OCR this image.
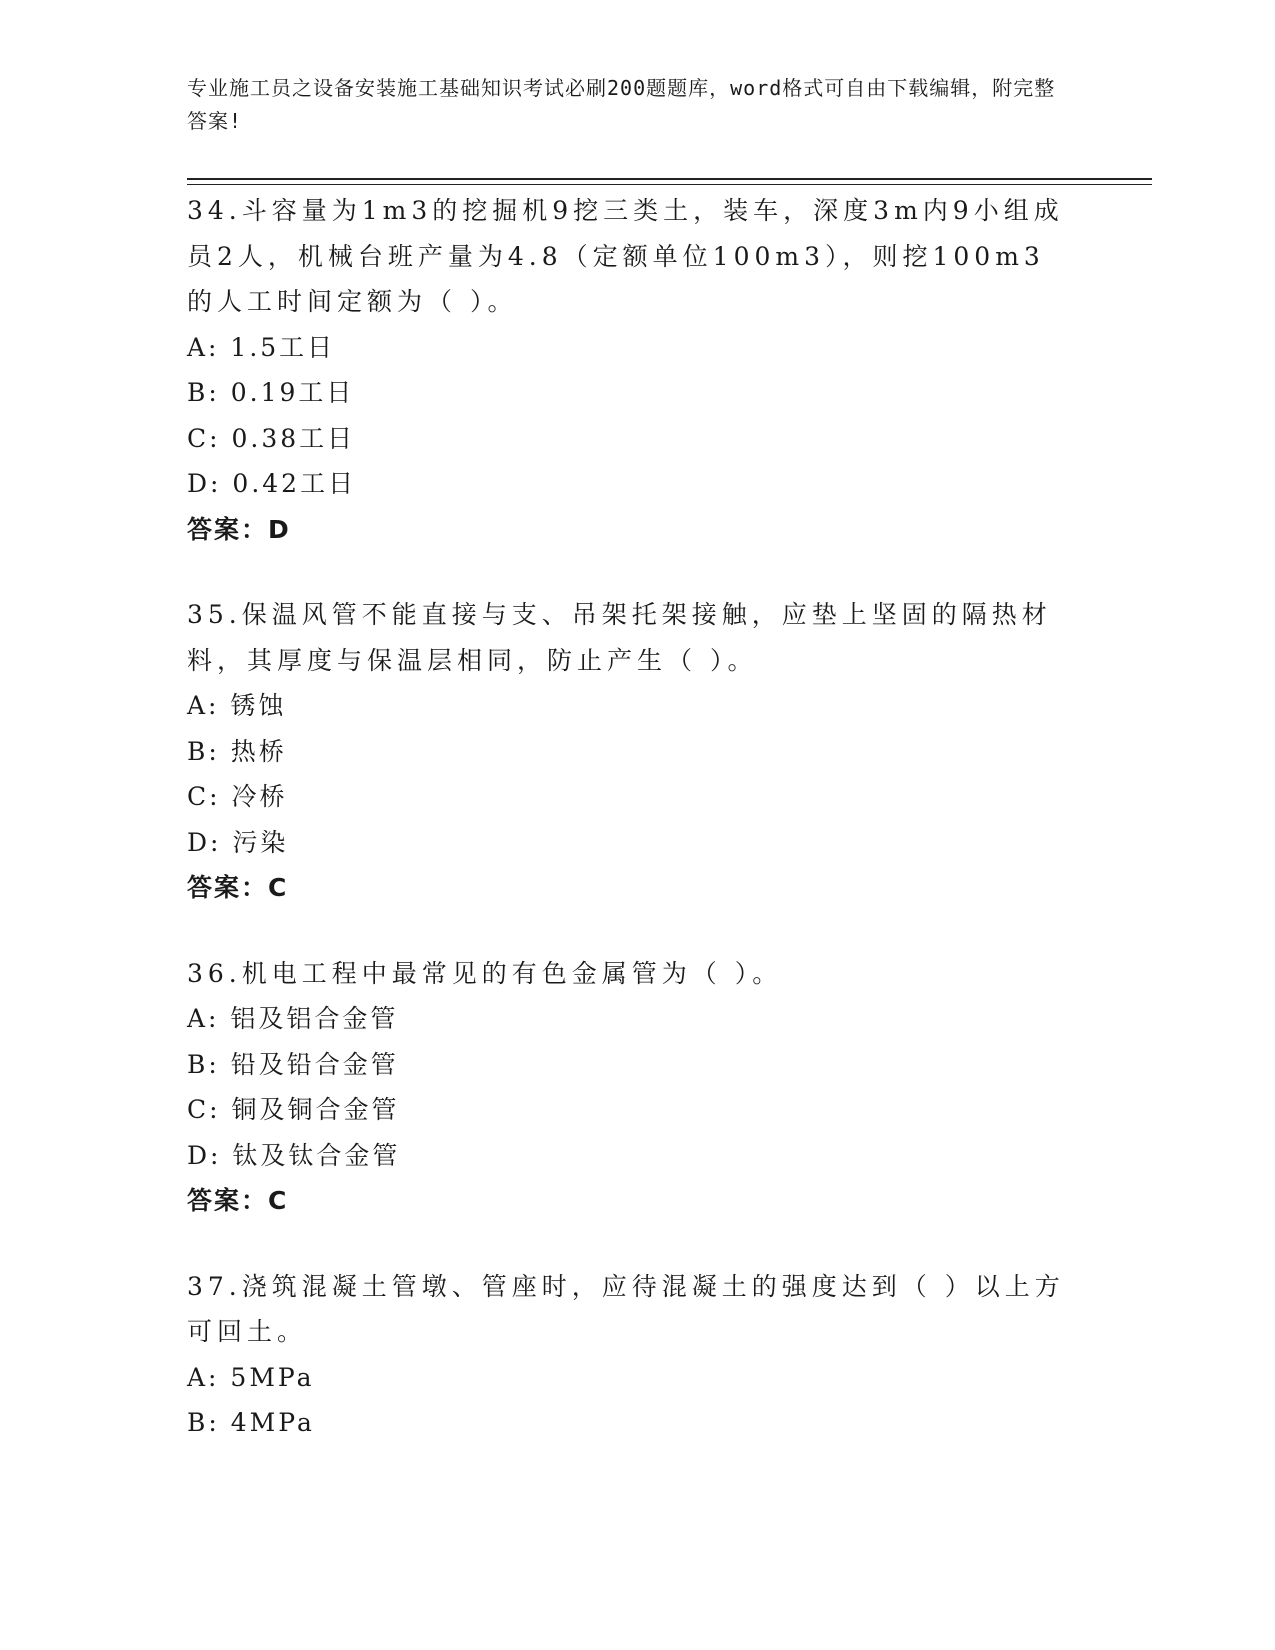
专业施工员之设备安装施工基础知识考试必刷200题题库，word格式可自由下载编辑，附完整答案!

34.斗容量为1m3的挖掘机9挖三类土，装车，深度3m内9小组成员2人，机械台班产量为4.8（定额单位100m3），则挖100m3的人工时间定额为（ ）。

A: 1.5工日

B: 0.19工日

C: 0.38工日

D: 0.42工日

答案：D

35.保温风管不能直接与支、吊架托架接触，应垫上坚固的隔热材料，其厚度与保温层相同，防止产生（ ）。

A: 锈蚀

B: 热桥

C: 冷桥

D: 污染

答案：C

36.机电工程中最常见的有色金属管为（ ）。

A: 铝及铝合金管

B: 铅及铅合金管

C: 铜及铜合金管

D: 钛及钛合金管

答案：C

37.浇筑混凝土管墩、管座时，应待混凝土的强度达到（ ）以上方可回土。

A: 5MPa

B: 4MPa
